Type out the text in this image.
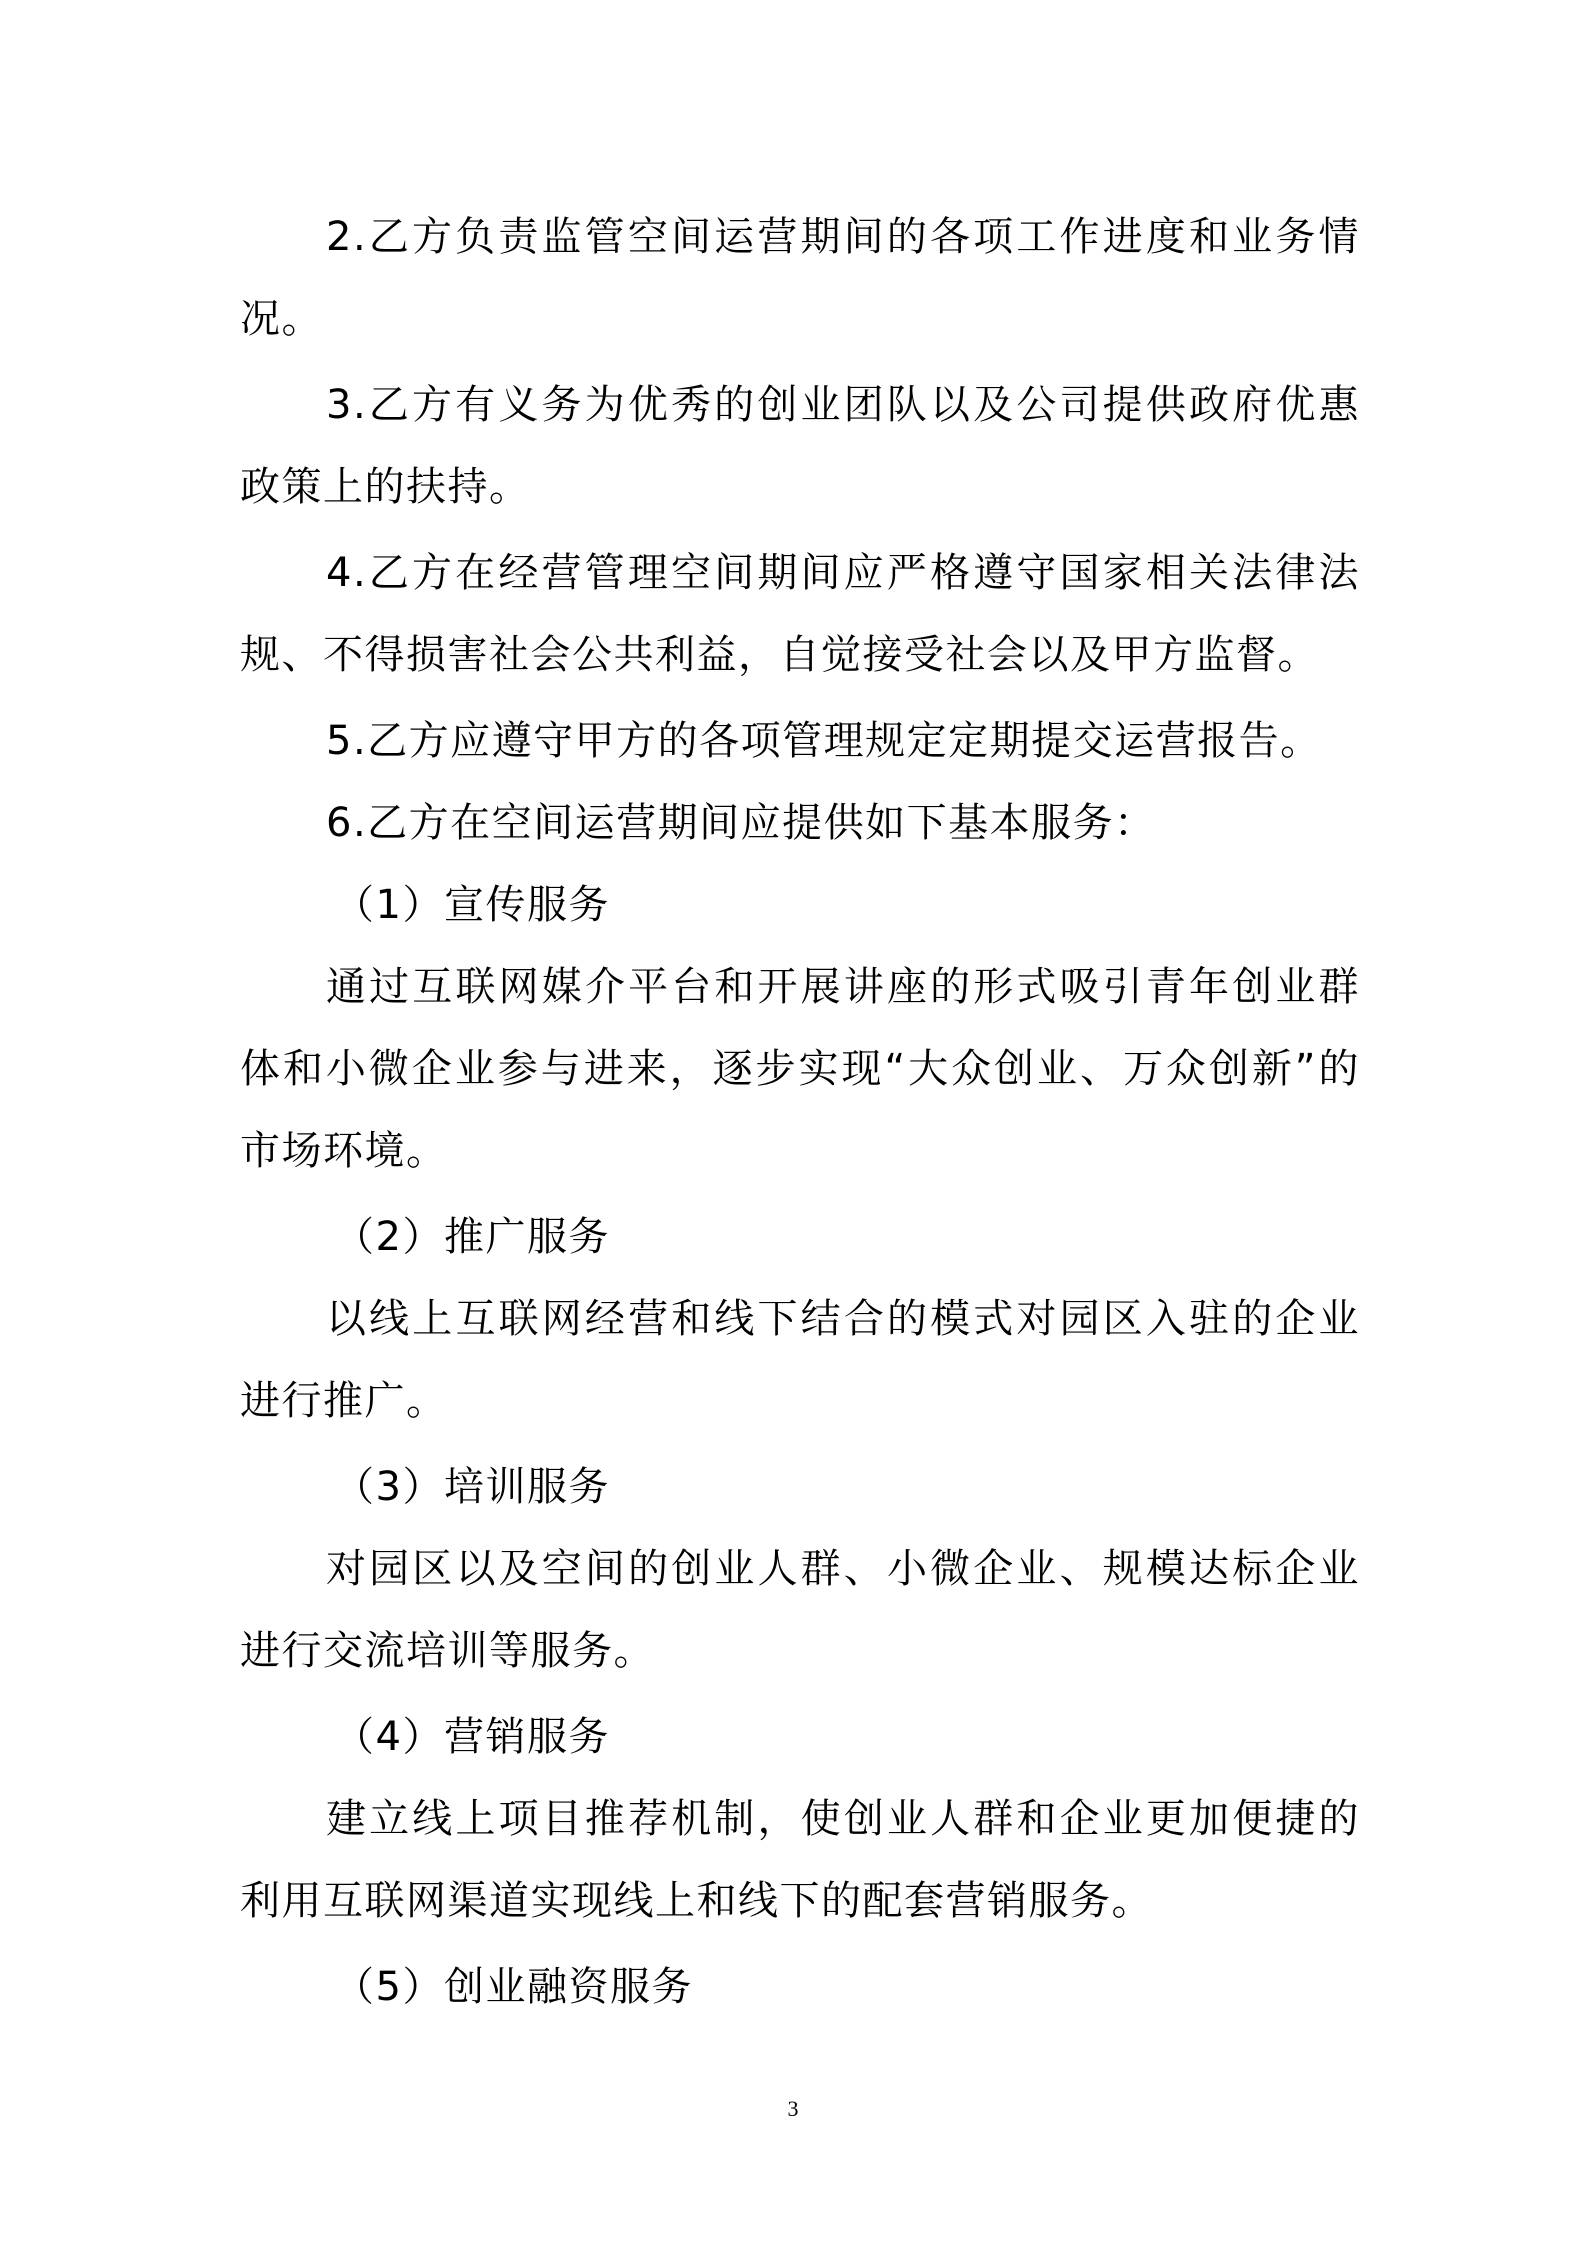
2.乙方负责监管空间运营期间的各项工作进度和业务情况。

3.乙方有义务为优秀的创业团队以及公司提供政府优惠政策上的扶持。

4.乙方在经营管理空间期间应严格遵守国家相关法律法规、不得损害社会公共利益，自觉接受社会以及甲方监督。

5.乙方应遵守甲方的各项管理规定定期提交运营报告。

6.乙方在空间运营期间应提供如下基本服务：

（1）宣传服务

通过互联网媒介平台和开展讲座的形式吸引青年创业群体和小微企业参与进来，逐步实现“大众创业、万众创新”的市场环境。

（2）推广服务

以线上互联网经营和线下结合的模式对园区入驻的企业进行推广。

（3）培训服务

对园区以及空间的创业人群、小微企业、规模达标企业进行交流培训等服务。

（4）营销服务

建立线上项目推荐机制，使创业人群和企业更加便捷的利用互联网渠道实现线上和线下的配套营销服务。

（5）创业融资服务

3
